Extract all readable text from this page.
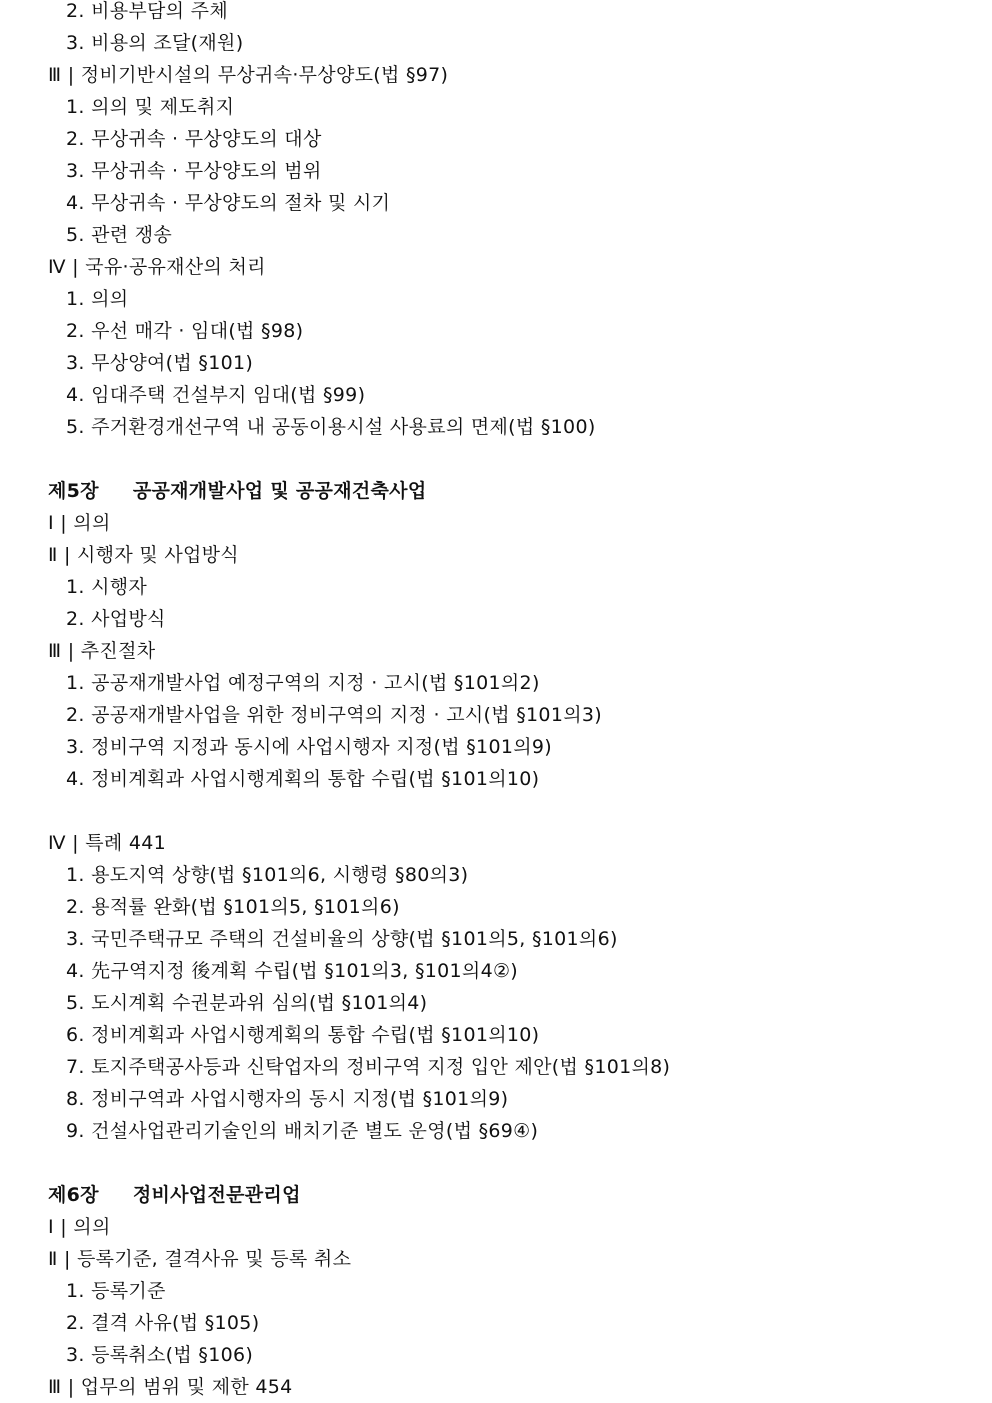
2. 비용부담의 주체
3. 비용의 조달(재원)
Ⅲ | 정비기반시설의 무상귀속·무상양도(법 §97)
1. 의의 및 제도취지
2. 무상귀속 · 무상양도의 대상
3. 무상귀속 · 무상양도의 범위
4. 무상귀속 · 무상양도의 절차 및 시기
5. 관련 쟁송
Ⅳ | 국유·공유재산의 처리
1. 의의
2. 우선 매각 · 임대(법 §98)
3. 무상양여(법 §101)
4. 임대주택 건설부지 임대(법 §99)
5. 주거환경개선구역 내 공동이용시설 사용료의 면제(법 §100)
제5장 공공재개발사업 및 공공재건축사업
Ⅰ | 의의
Ⅱ | 시행자 및 사업방식
1. 시행자
2. 사업방식
Ⅲ | 추진절차
1. 공공재개발사업 예정구역의 지정 · 고시(법 §101의2)
2. 공공재개발사업을 위한 정비구역의 지정 · 고시(법 §101의3)
3. 정비구역 지정과 동시에 사업시행자 지정(법 §101의9)
4. 정비계획과 사업시행계획의 통합 수립(법 §101의10)
Ⅳ | 특례 441
1. 용도지역 상향(법 §101의6, 시행령 §80의3)
2. 용적률 완화(법 §101의5, §101의6)
3. 국민주택규모 주택의 건설비율의 상향(법 §101의5, §101의6)
4. 先구역지정 後계획 수립(법 §101의3, §101의4②)
5. 도시계획 수권분과위 심의(법 §101의4)
6. 정비계획과 사업시행계획의 통합 수립(법 §101의10)
7. 토지주택공사등과 신탁업자의 정비구역 지정 입안 제안(법 §101의8)
8. 정비구역과 사업시행자의 동시 지정(법 §101의9)
9. 건설사업관리기술인의 배치기준 별도 운영(법 §69④)
제6장 정비사업전문관리업
Ⅰ | 의의
Ⅱ | 등록기준, 결격사유 및 등록 취소
1. 등록기준
2. 결격 사유(법 §105)
3. 등록취소(법 §106)
Ⅲ | 업무의 범위 및 제한 454
